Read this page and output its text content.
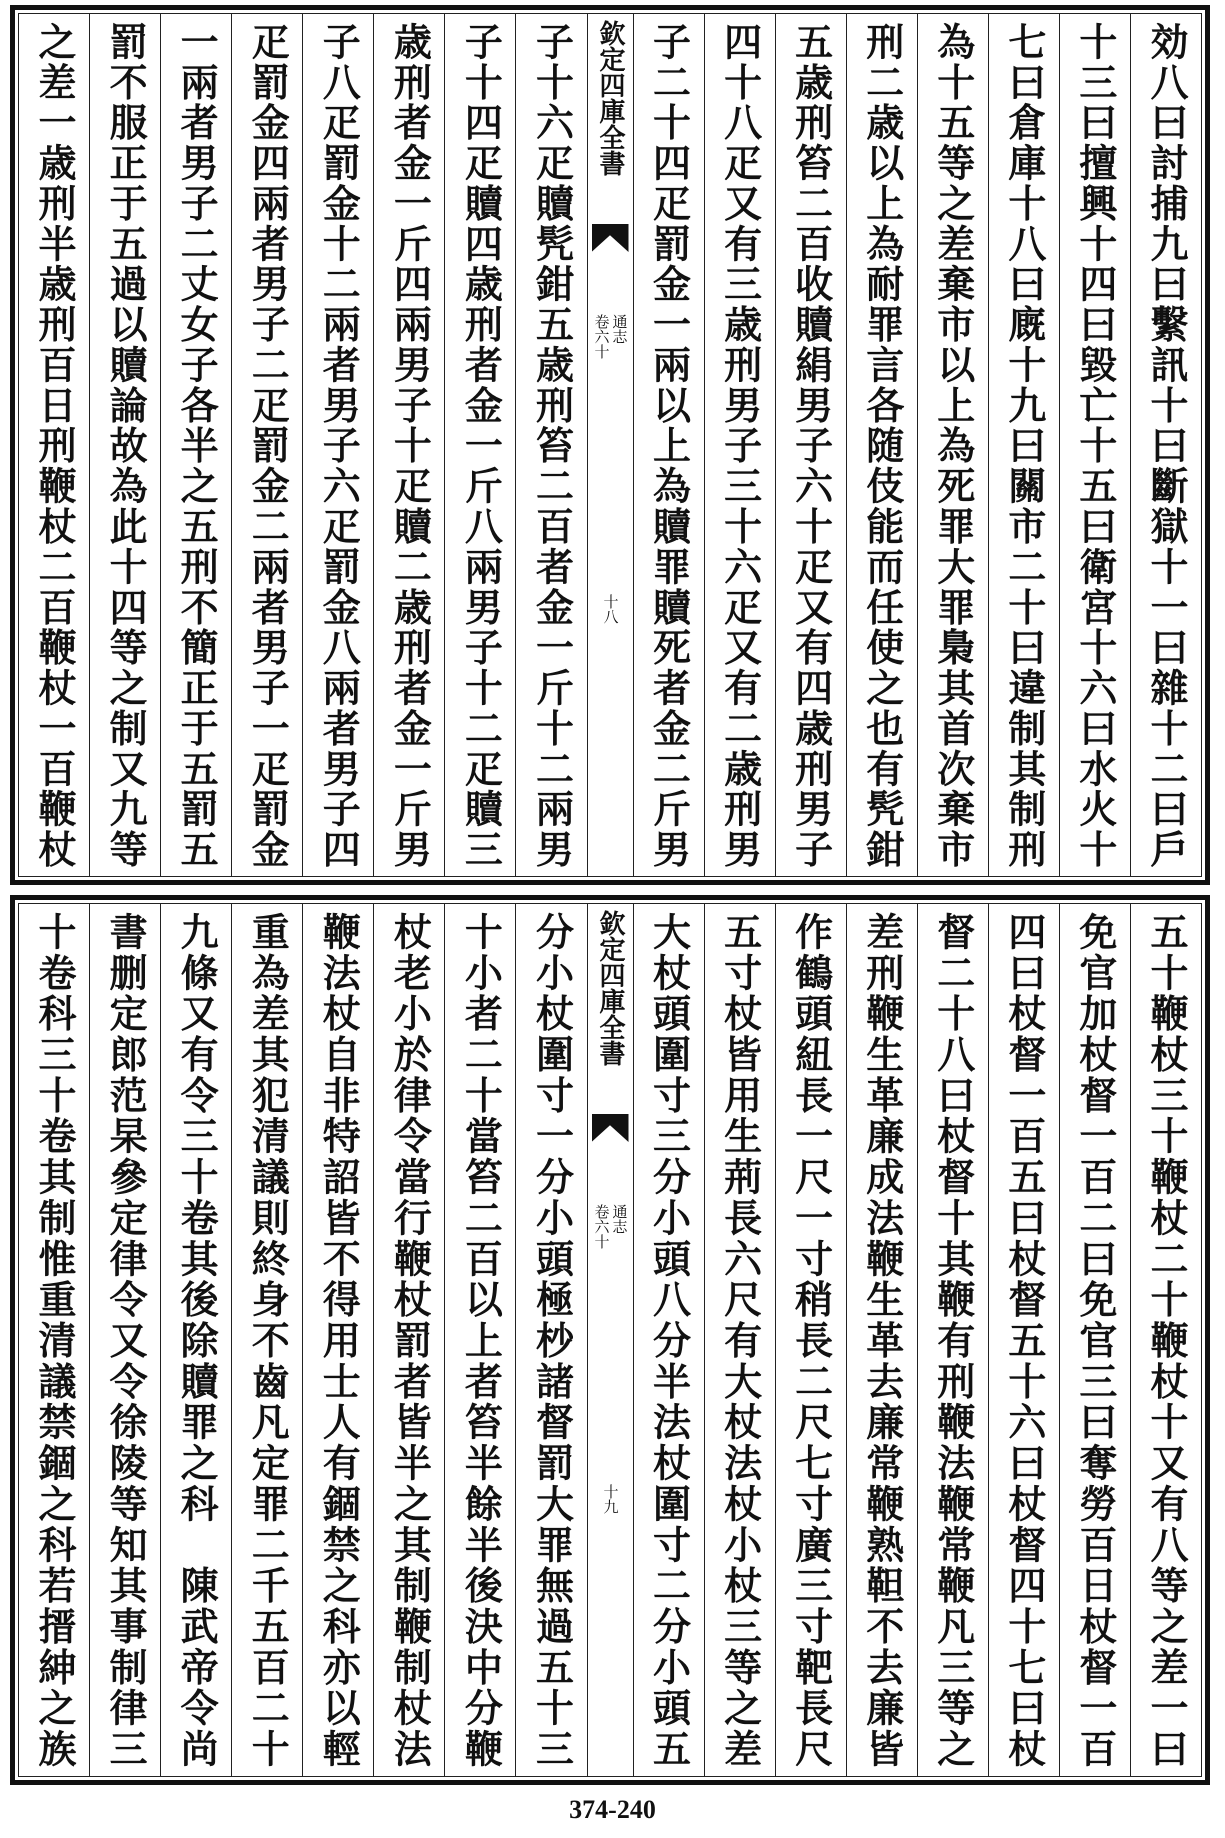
効八曰討捕九曰繫訊十曰斷獄十一曰雜十二曰戶
十三曰擅興十四曰毀亡十五曰衛宮十六曰水火十
七曰倉庫十八曰廐十九曰關市二十曰違制其制刑
為十五等之差棄市以上為死罪大罪梟其首次棄市
刑二歳以上為耐罪言各随伎能而任使之也有髠鉗
五歳刑笞二百收贖絹男子六十疋又有四歳刑男子
四十八疋又有三歳刑男子三十六疋又有二歳刑男
子二十四疋罰金一兩以上為贖罪贖死者金二斤男
欽定四庫全書
通志
卷六十
十八
子十六疋贖髠鉗五歳刑笞二百者金一斤十二兩男
子十四疋贖四歳刑者金一斤八兩男子十二疋贖三
歳刑者金一斤四兩男子十疋贖二歳刑者金一斤男
子八疋罰金十二兩者男子六疋罰金八兩者男子四
疋罰金四兩者男子二疋罰金二兩者男子一疋罰金
一兩者男子二丈女子各半之五刑不簡正于五罰五
罰不服正于五過以贖論故為此十四等之制又九等
之差一歳刑半歳刑百日刑鞭杖二百鞭杖一百鞭杖
五十鞭杖三十鞭杖二十鞭杖十又有八等之差一曰
免官加杖督一百二曰免官三曰奪勞百日杖督一百
四曰杖督一百五曰杖督五十六曰杖督四十七曰杖
督二十八曰杖督十其鞭有刑鞭法鞭常鞭凡三等之
差刑鞭生革廉成法鞭生革去廉常鞭熟靼不去廉皆
作鶴頭紐長一尺一寸稍長二尺七寸廣三寸靶長尺
五寸杖皆用生荊長六尺有大杖法杖小杖三等之差
大杖頭圍寸三分小頭八分半法杖圍寸二分小頭五
欽定四庫全書
通志
卷六十
十九
分小杖圍寸一分小頭極杪諸督罰大罪無過五十三
十小者二十當笞二百以上者笞半餘半後決中分鞭
杖老小於律令當行鞭杖罰者皆半之其制鞭制杖法
鞭法杖自非特詔皆不得用士人有錮禁之科亦以輕
重為差其犯清議則終身不齒凡定罪二千五百二十
九條又有令三十卷其後除贖罪之科　陳武帝令尚
書删定郎范杲參定律令又令徐陵等知其事制律三
十卷科三十卷其制惟重清議禁錮之科若搢紳之族
374-240
